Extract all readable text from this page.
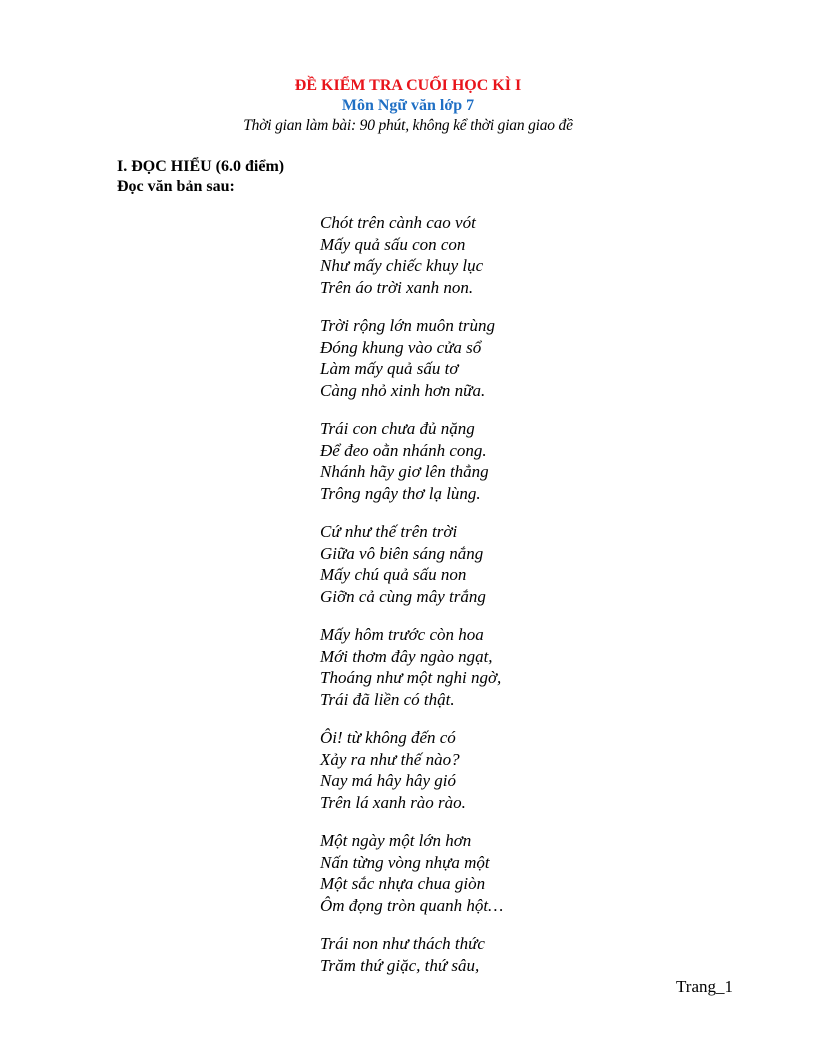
ĐỀ KIỂM TRA CUỐI HỌC KÌ I
Môn Ngữ văn lớp 7
Thời gian làm bài: 90 phút, không kể thời gian giao đề
I. ĐỌC HIỂU (6.0 điểm)
Đọc văn bản sau:
Chót trên cành cao vót
Mấy quả sấu con con
Như mấy chiếc khuy lục
Trên áo trời xanh non.
Trời rộng lớn muôn trùng
Đóng khung vào cửa sổ
Làm mấy quả sấu tơ
Càng nhỏ xinh hơn nữa.
Trái con chưa đủ nặng
Để đeo oằn nhánh cong.
Nhánh hãy giơ lên thẳng
Trông ngây thơ lạ lùng.
Cứ như thế trên trời
Giữa vô biên sáng nắng
Mấy chú quả sấu non
Giỡn cả cùng mây trắng
Mấy hôm trước còn hoa
Mới thơm đây ngào ngạt,
Thoáng như một nghi ngờ,
Trái đã liền có thật.
Ôi! từ không đến có
Xảy ra như thế nào?
Nay má hây hây gió
Trên lá xanh rào rào.
Một ngày một lớn hơn
Nấn từng vòng nhựa một
Một sắc nhựa chua giòn
Ôm đọng tròn quanh hột…
Trái non như thách thức
Trăm thứ giặc, thứ sâu,
Trang_1
